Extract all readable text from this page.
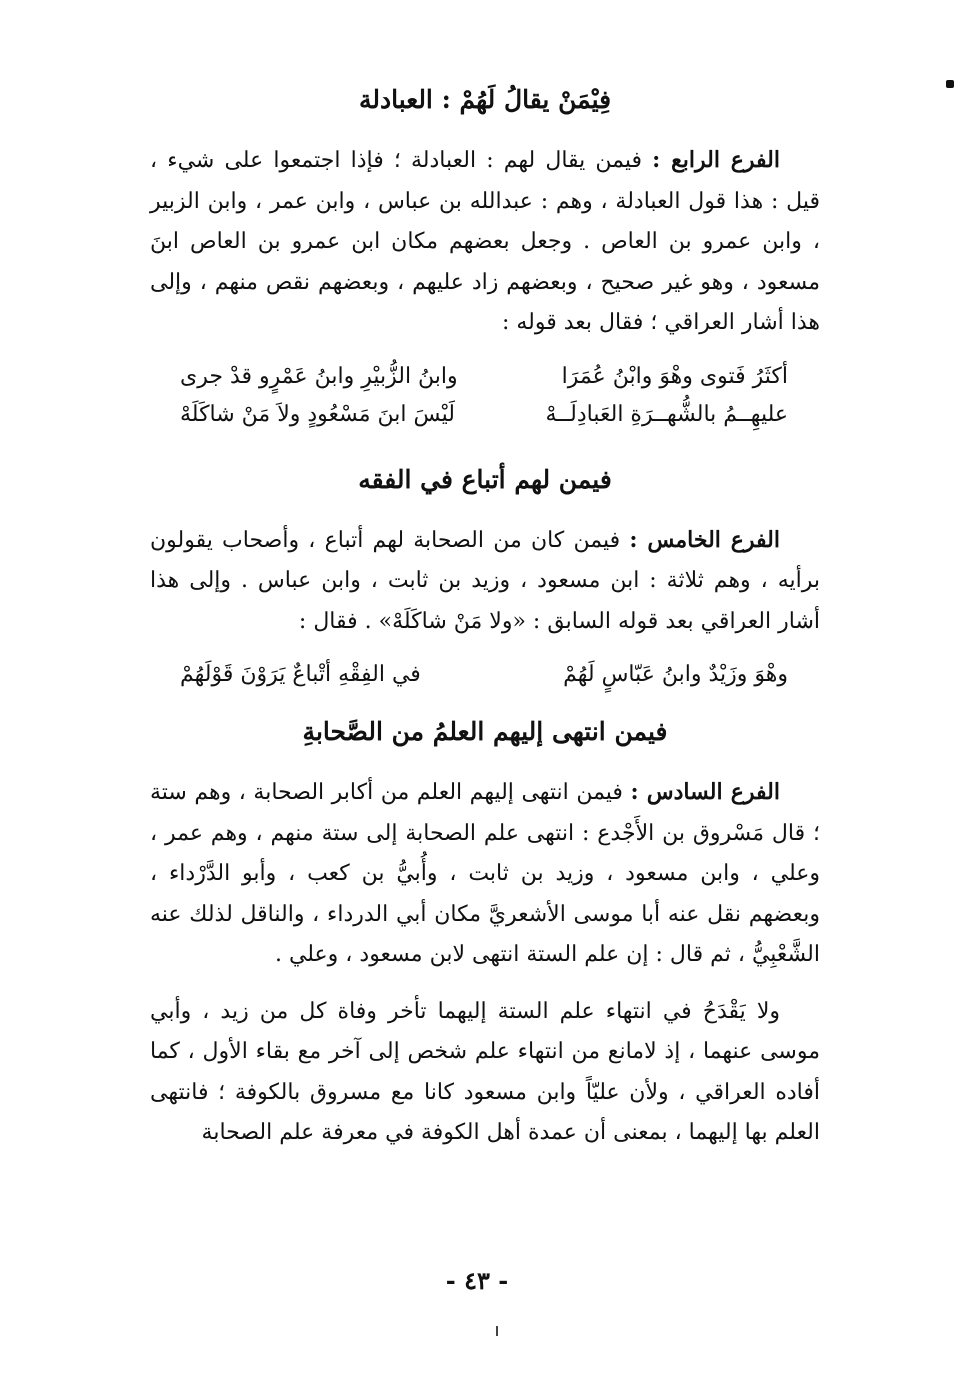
فِيْمَنْ يقالُ لَهُمْ : العبادلة

الفرع الرابع : فيمن يقال لهم : العبادلة ؛ فإذا اجتمعوا على شيء ، قيل : هذا قول العبادلة ، وهم : عبدالله بن عباس ، وابن عمر ، وابن الزبير ، وابن عمرو بن العاص . وجعل بعضهم مكان ابن عمرو بن العاص ابنَ مسعود ، وهو غير صحيح ، وبعضهم زاد عليهم ، وبعضهم نقص منهم ، وإلى هذا أشار العراقي ؛ فقال بعد قوله :

أكثَرُ فَتوى وهْوَ وابْنُ عُمَرَا
وابنُ الزُّبيْرِ وابنُ عَمْرٍو قدْ جرى
عليهِــمُ بالشُّهــرَةِ العَبادِلَــهْ
لَيْسَ ابنَ مَسْعُودٍ ولاَ مَنْ شاكَلَهْ
فيمن لهم أتباع في الفقه

الفرع الخامس : فيمن كان من الصحابة لهم أتباع ، وأصحاب يقولون برأيه ، وهم ثلاثة : ابن مسعود ، وزيد بن ثابت ، وابن عباس . وإلى هذا أشار العراقي بعد قوله السابق : «ولا مَنْ شاكَلَهْ» . فقال :

وهْوَ وزَيْدٌ وابنُ عَبّاسٍ لَهُمْ
في الفِقْهِ أتْباعٌ يَرَوْنَ قَوْلَهُمْ
فيمن انتهى إليهم العلمُ من الصَّحابةِ

الفرع السادس : فيمن انتهى إليهم العلم من أكابر الصحابة ، وهم ستة ؛ قال مَسْروق بن الأَجْدع : انتهى علم الصحابة إلى ستة منهم ، وهم عمر ، وعلي ، وابن مسعود ، وزيد بن ثابت ، وأُبيُّ بن كعب ، وأبو الدَّرْداء ، وبعضهم نقل عنه أبا موسى الأشعريَّ مكان أبي الدرداء ، والناقل لذلك عنه الشَّعْبِيُّ ، ثم قال : إن علم الستة انتهى لابن مسعود ، وعلي .

ولا يَقْدَحُ في انتهاء علم الستة إليهما تأخر وفاة كل من زيد ، وأبي موسى عنهما ، إذ لامانع من انتهاء علم شخص إلى آخر مع بقاء الأول ، كما أفاده العراقي ، ولأن عليّاً وابن مسعود كانا مع مسروق بالكوفة ؛ فانتهى العلم بها إليهما ، بمعنى أن عمدة أهل الكوفة في معرفة علم الصحابة

- ٤٣ -
